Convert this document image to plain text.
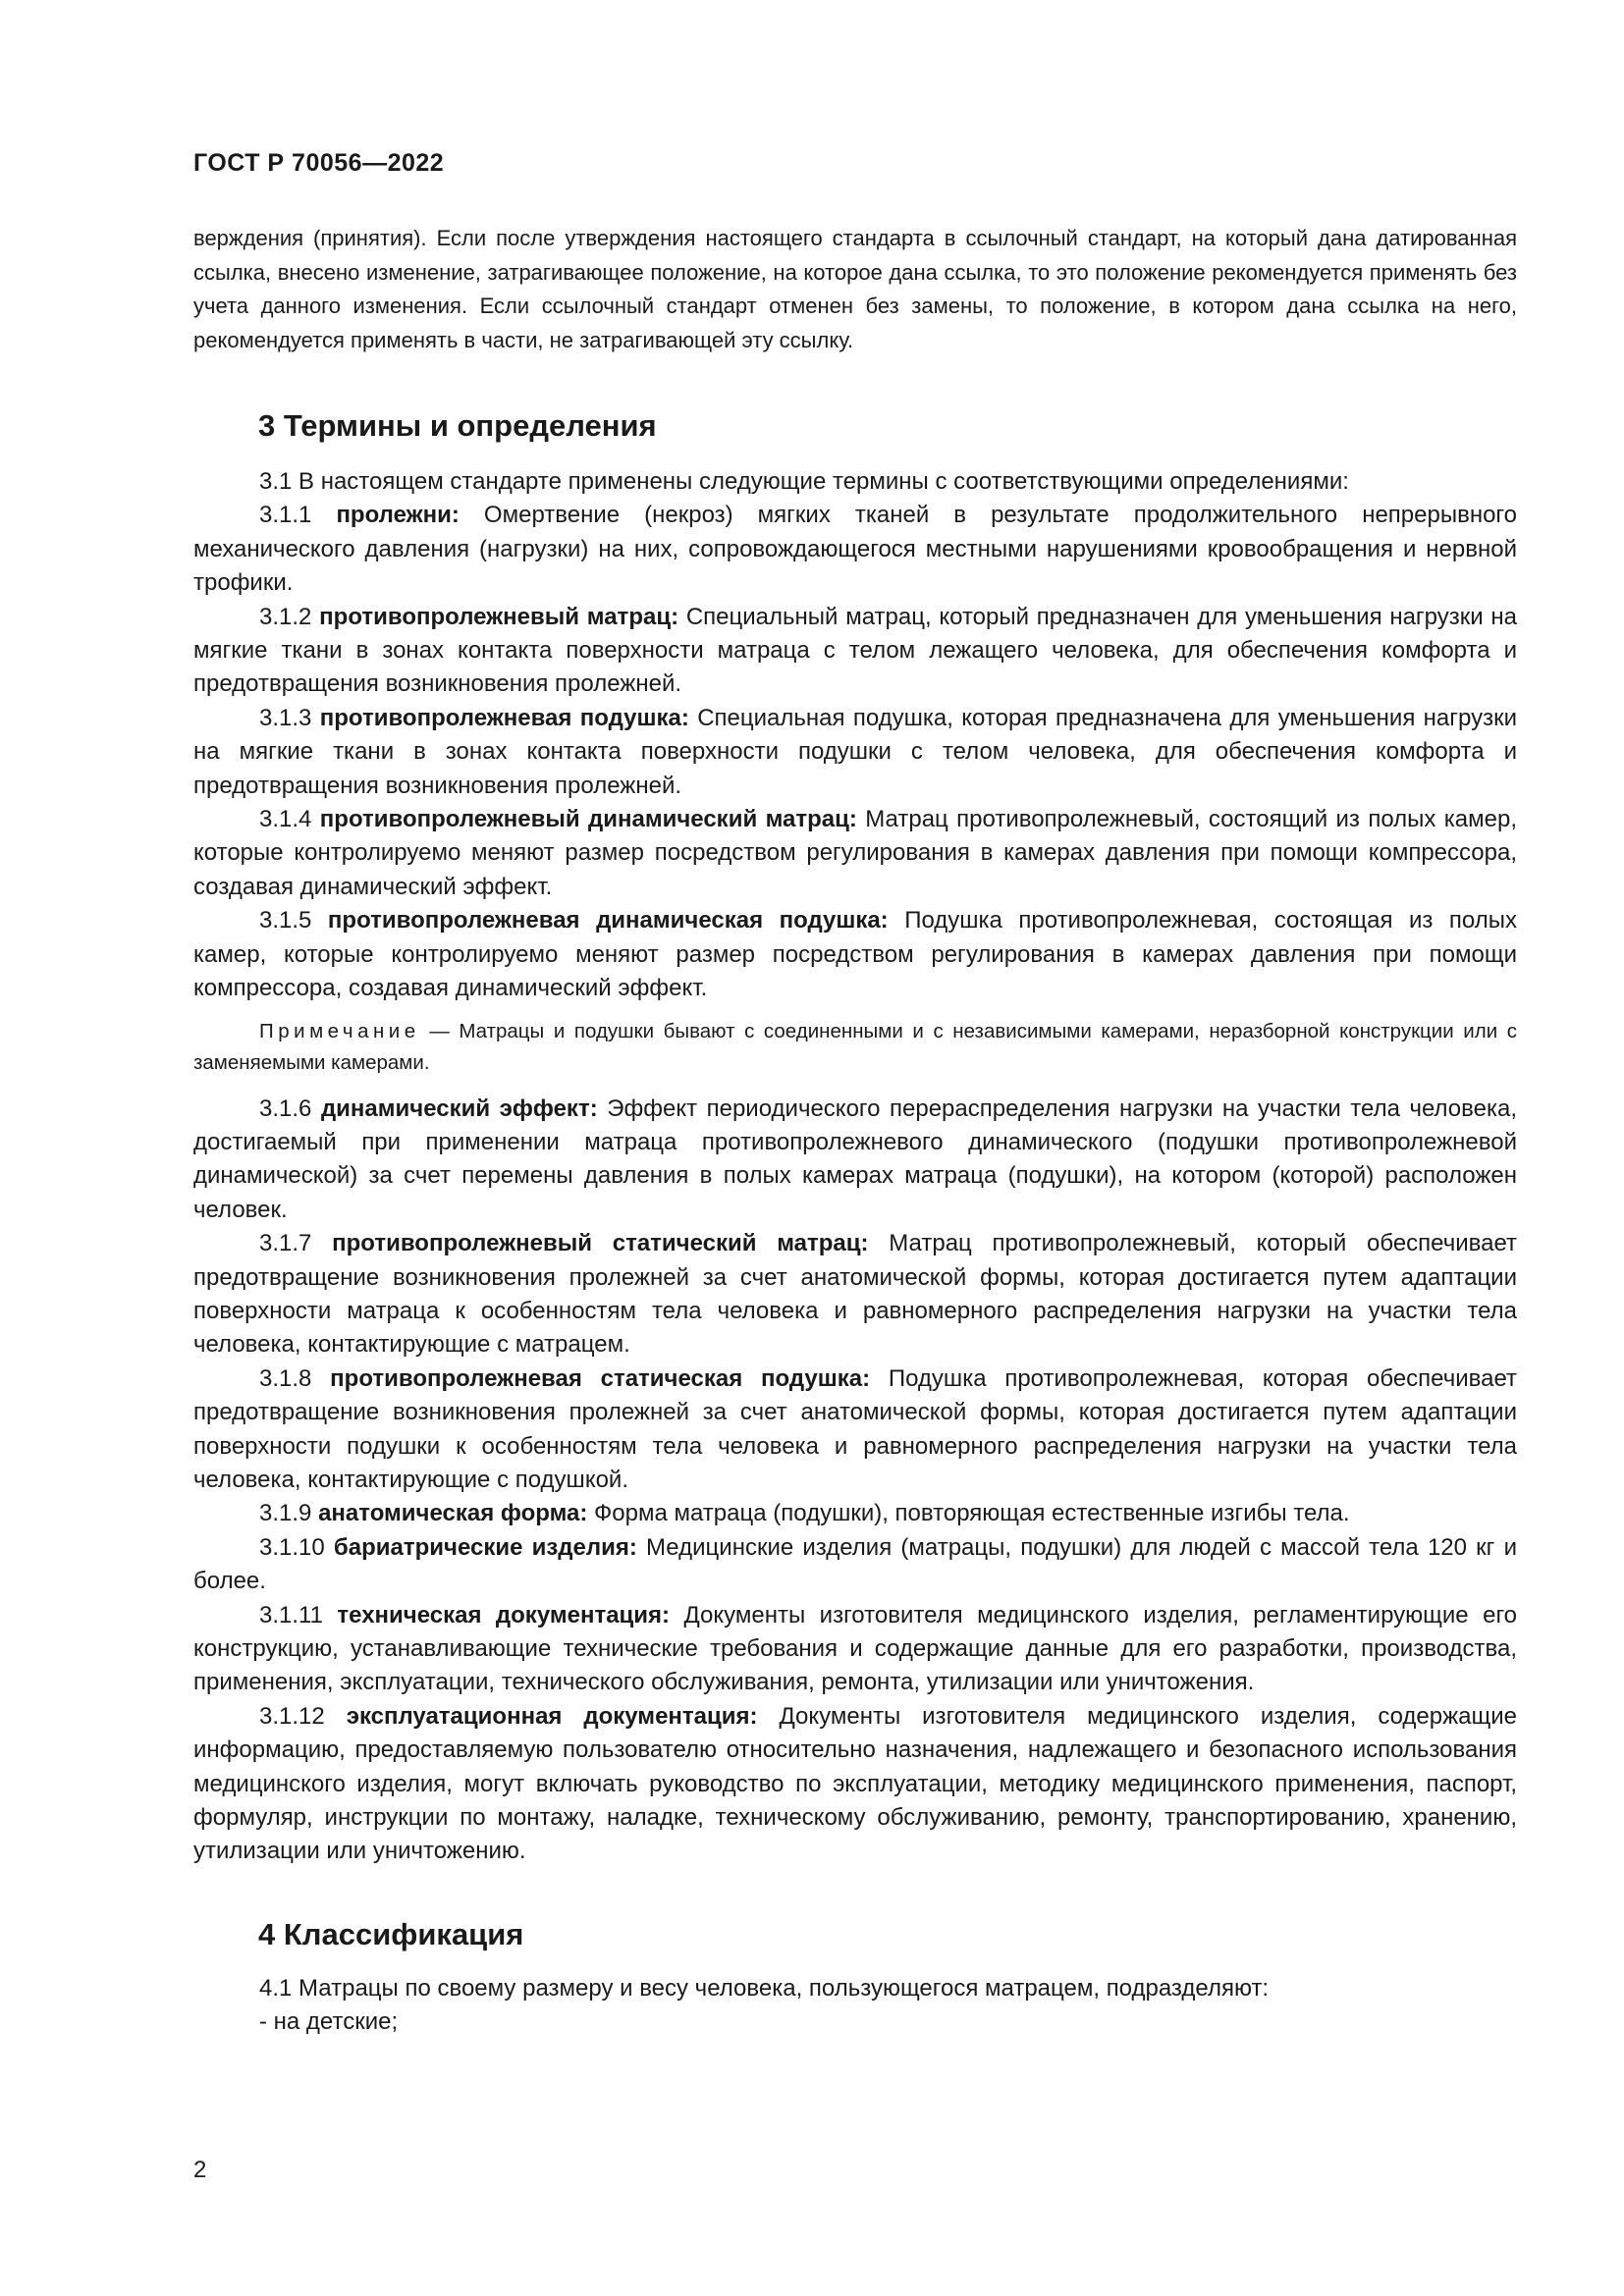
ГОСТ Р 70056—2022

верждения (принятия). Если после утверждения настоящего стандарта в ссылочный стандарт, на который дана датированная ссылка, внесено изменение, затрагивающее положение, на которое дана ссылка, то это положение рекомендуется применять без учета данного изменения. Если ссылочный стандарт отменен без замены, то положение, в котором дана ссылка на него, рекомендуется применять в части, не затрагивающей эту ссылку.

3 Термины и определения

3.1 В настоящем стандарте применены следующие термины с соответствующими определениями:

3.1.1 пролежни: Омертвение (некроз) мягких тканей в результате продолжительного непрерывного механического давления (нагрузки) на них, сопровождающегося местными нарушениями кровообращения и нервной трофики.

3.1.2 противопролежневый матрац: Специальный матрац, который предназначен для уменьшения нагрузки на мягкие ткани в зонах контакта поверхности матраца с телом лежащего человека, для обеспечения комфорта и предотвращения возникновения пролежней.

3.1.3 противопролежневая подушка: Специальная подушка, которая предназначена для уменьшения нагрузки на мягкие ткани в зонах контакта поверхности подушки с телом человека, для обеспечения комфорта и предотвращения возникновения пролежней.

3.1.4 противопролежневый динамический матрац: Матрац противопролежневый, состоящий из полых камер, которые контролируемо меняют размер посредством регулирования в камерах давления при помощи компрессора, создавая динамический эффект.

3.1.5 противопролежневая динамическая подушка: Подушка противопролежневая, состоящая из полых камер, которые контролируемо меняют размер посредством регулирования в камерах давления при помощи компрессора, создавая динамический эффект.

Примечание — Матрацы и подушки бывают с соединенными и с независимыми камерами, неразборной конструкции или с заменяемыми камерами.

3.1.6 динамический эффект: Эффект периодического перераспределения нагрузки на участки тела человека, достигаемый при применении матраца противопролежневого динамического (подушки противопролежневой динамической) за счет перемены давления в полых камерах матраца (подушки), на котором (которой) расположен человек.

3.1.7 противопролежневый статический матрац: Матрац противопролежневый, который обеспечивает предотвращение возникновения пролежней за счет анатомической формы, которая достигается путем адаптации поверхности матраца к особенностям тела человека и равномерного распределения нагрузки на участки тела человека, контактирующие с матрацем.

3.1.8 противопролежневая статическая подушка: Подушка противопролежневая, которая обеспечивает предотвращение возникновения пролежней за счет анатомической формы, которая достигается путем адаптации поверхности подушки к особенностям тела человека и равномерного распределения нагрузки на участки тела человека, контактирующие с подушкой.

3.1.9 анатомическая форма: Форма матраца (подушки), повторяющая естественные изгибы тела.

3.1.10 бариатрические изделия: Медицинские изделия (матрацы, подушки) для людей с массой тела 120 кг и более.

3.1.11 техническая документация: Документы изготовителя медицинского изделия, регламентирующие его конструкцию, устанавливающие технические требования и содержащие данные для его разработки, производства, применения, эксплуатации, технического обслуживания, ремонта, утилизации или уничтожения.

3.1.12 эксплуатационная документация: Документы изготовителя медицинского изделия, содержащие информацию, предоставляемую пользователю относительно назначения, надлежащего и безопасного использования медицинского изделия, могут включать руководство по эксплуатации, методику медицинского применения, паспорт, формуляр, инструкции по монтажу, наладке, техническому обслуживанию, ремонту, транспортированию, хранению, утилизации или уничтожению.

4 Классификация

4.1 Матрацы по своему размеру и весу человека, пользующегося матрацем, подразделяют:

- на детские;

2
